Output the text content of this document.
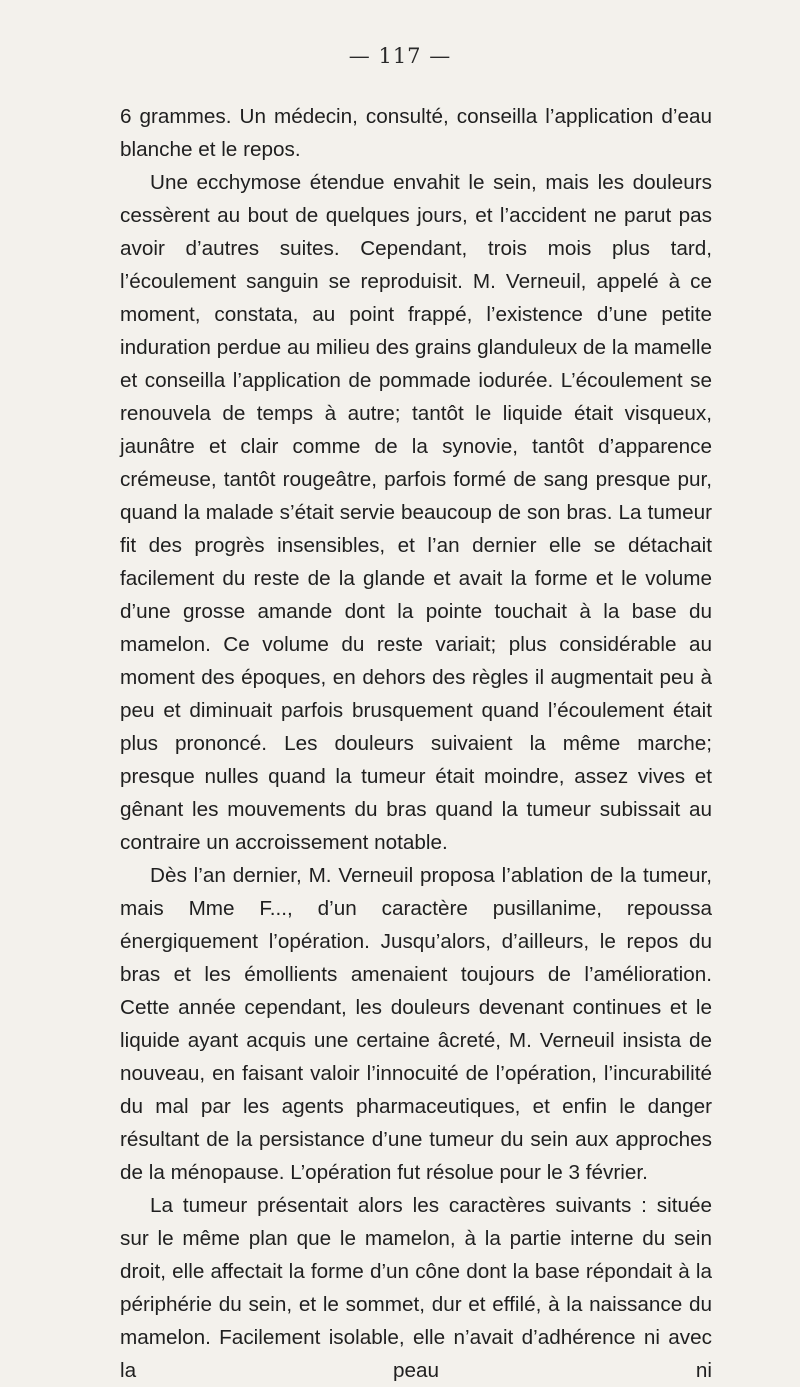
— 117 —

6 grammes. Un médecin, consulté, conseilla l’application d’eau blanche et le repos.

Une ecchymose étendue envahit le sein, mais les douleurs cessèrent au bout de quelques jours, et l’accident ne parut pas avoir d’autres suites. Cependant, trois mois plus tard, l’écoulement sanguin se reproduisit. M. Verneuil, appelé à ce moment, constata, au point frappé, l’existence d’une petite induration perdue au milieu des grains glanduleux de la mamelle et conseilla l’application de pommade iodurée. L’écoulement se renouvela de temps à autre; tantôt le liquide était visqueux, jaunâtre et clair comme de la synovie, tantôt d’apparence crémeuse, tantôt rougeâtre, parfois formé de sang presque pur, quand la malade s’était servie beaucoup de son bras. La tumeur fit des progrès insensibles, et l’an dernier elle se détachait facilement du reste de la glande et avait la forme et le volume d’une grosse amande dont la pointe touchait à la base du mamelon. Ce volume du reste variait; plus considérable au moment des époques, en dehors des règles il augmentait peu à peu et diminuait parfois brusquement quand l’écoulement était plus prononcé. Les douleurs suivaient la même marche; presque nulles quand la tumeur était moindre, assez vives et gênant les mouvements du bras quand la tumeur subissait au contraire un accroissement notable.

Dès l’an dernier, M. Verneuil proposa l’ablation de la tumeur, mais Mme F..., d’un caractère pusillanime, repoussa énergiquement l’opération. Jusqu’alors, d’ailleurs, le repos du bras et les émollients amenaient toujours de l’amélioration. Cette année cependant, les douleurs devenant continues et le liquide ayant acquis une certaine âcreté, M. Verneuil insista de nouveau, en faisant valoir l’innocuité de l’opération, l’incurabilité du mal par les agents pharmaceutiques, et enfin le danger résultant de la persistance d’une tumeur du sein aux approches de la ménopause. L’opération fut résolue pour le 3 février.

La tumeur présentait alors les caractères suivants : située sur le même plan que le mamelon, à la partie interne du sein droit, elle affectait la forme d’un cône dont la base répondait à la périphérie du sein, et le sommet, dur et effilé, à la naissance du mamelon. Facilement isolable, elle n’avait d’adhérence ni avec la peau ni
